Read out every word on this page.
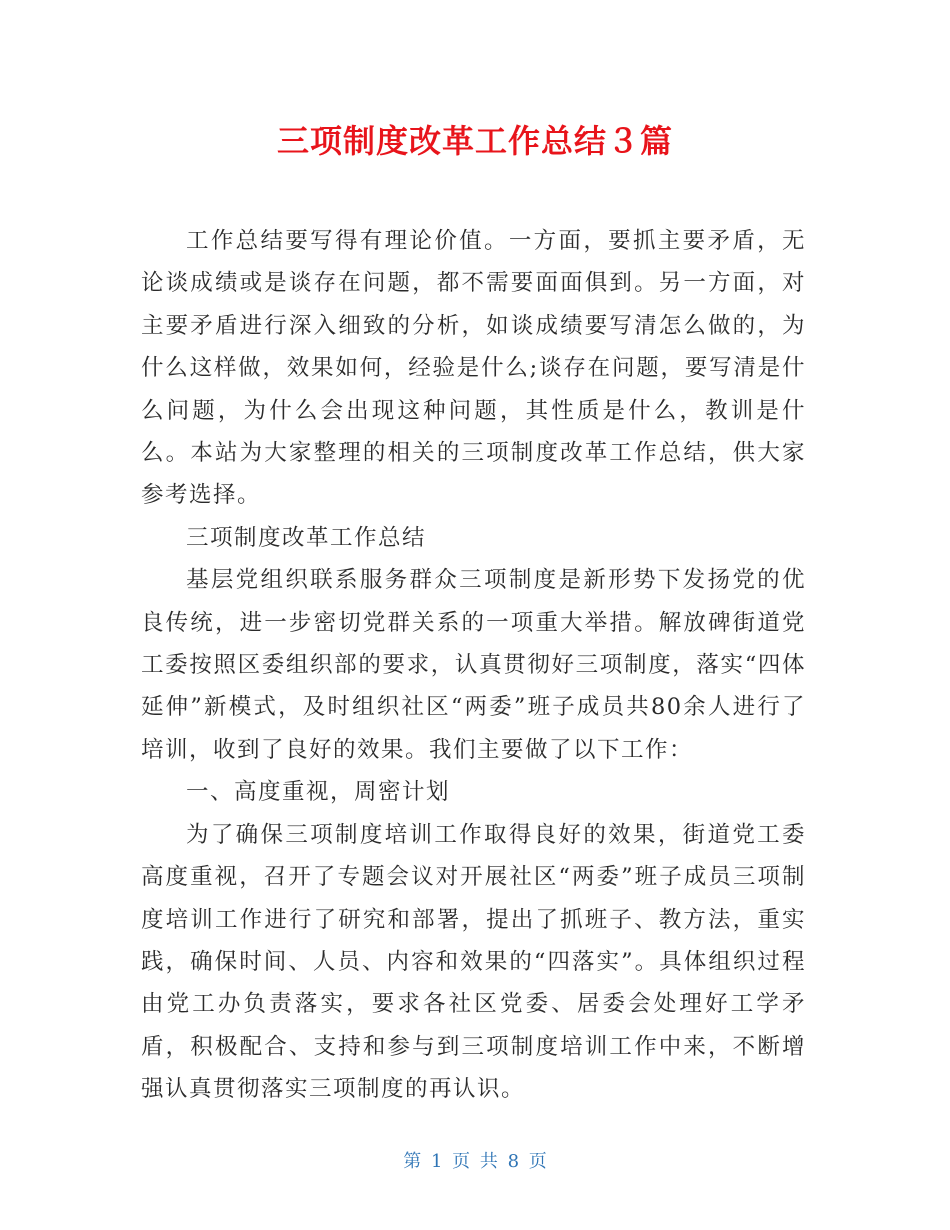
三项制度改革工作总结３篇

工作总结要写得有理论价值。一方面，要抓主要矛盾，无论谈成绩或是谈存在问题，都不需要面面俱到。另一方面，对主要矛盾进行深入细致的分析，如谈成绩要写清怎么做的，为什么这样做，效果如何，经验是什么;谈存在问题，要写清是什么问题，为什么会出现这种问题，其性质是什么，教训是什么。本站为大家整理的相关的三项制度改革工作总结，供大家参考选择。

三项制度改革工作总结

基层党组织联系服务群众三项制度是新形势下发扬党的优良传统，进一步密切党群关系的一项重大举措。解放碑街道党工委按照区委组织部的要求，认真贯彻好三项制度，落实“四体延伸”新模式，及时组织社区“两委”班子成员共80余人进行了培训，收到了良好的效果。我们主要做了以下工作：

一、高度重视，周密计划

为了确保三项制度培训工作取得良好的效果，街道党工委高度重视，召开了专题会议对开展社区“两委”班子成员三项制度培训工作进行了研究和部署，提出了抓班子、教方法，重实践，确保时间、人员、内容和效果的“四落实”。具体组织过程由党工办负责落实，要求各社区党委、居委会处理好工学矛盾，积极配合、支持和参与到三项制度培训工作中来，不断增强认真贯彻落实三项制度的再认识。

第 1 页 共 8 页
